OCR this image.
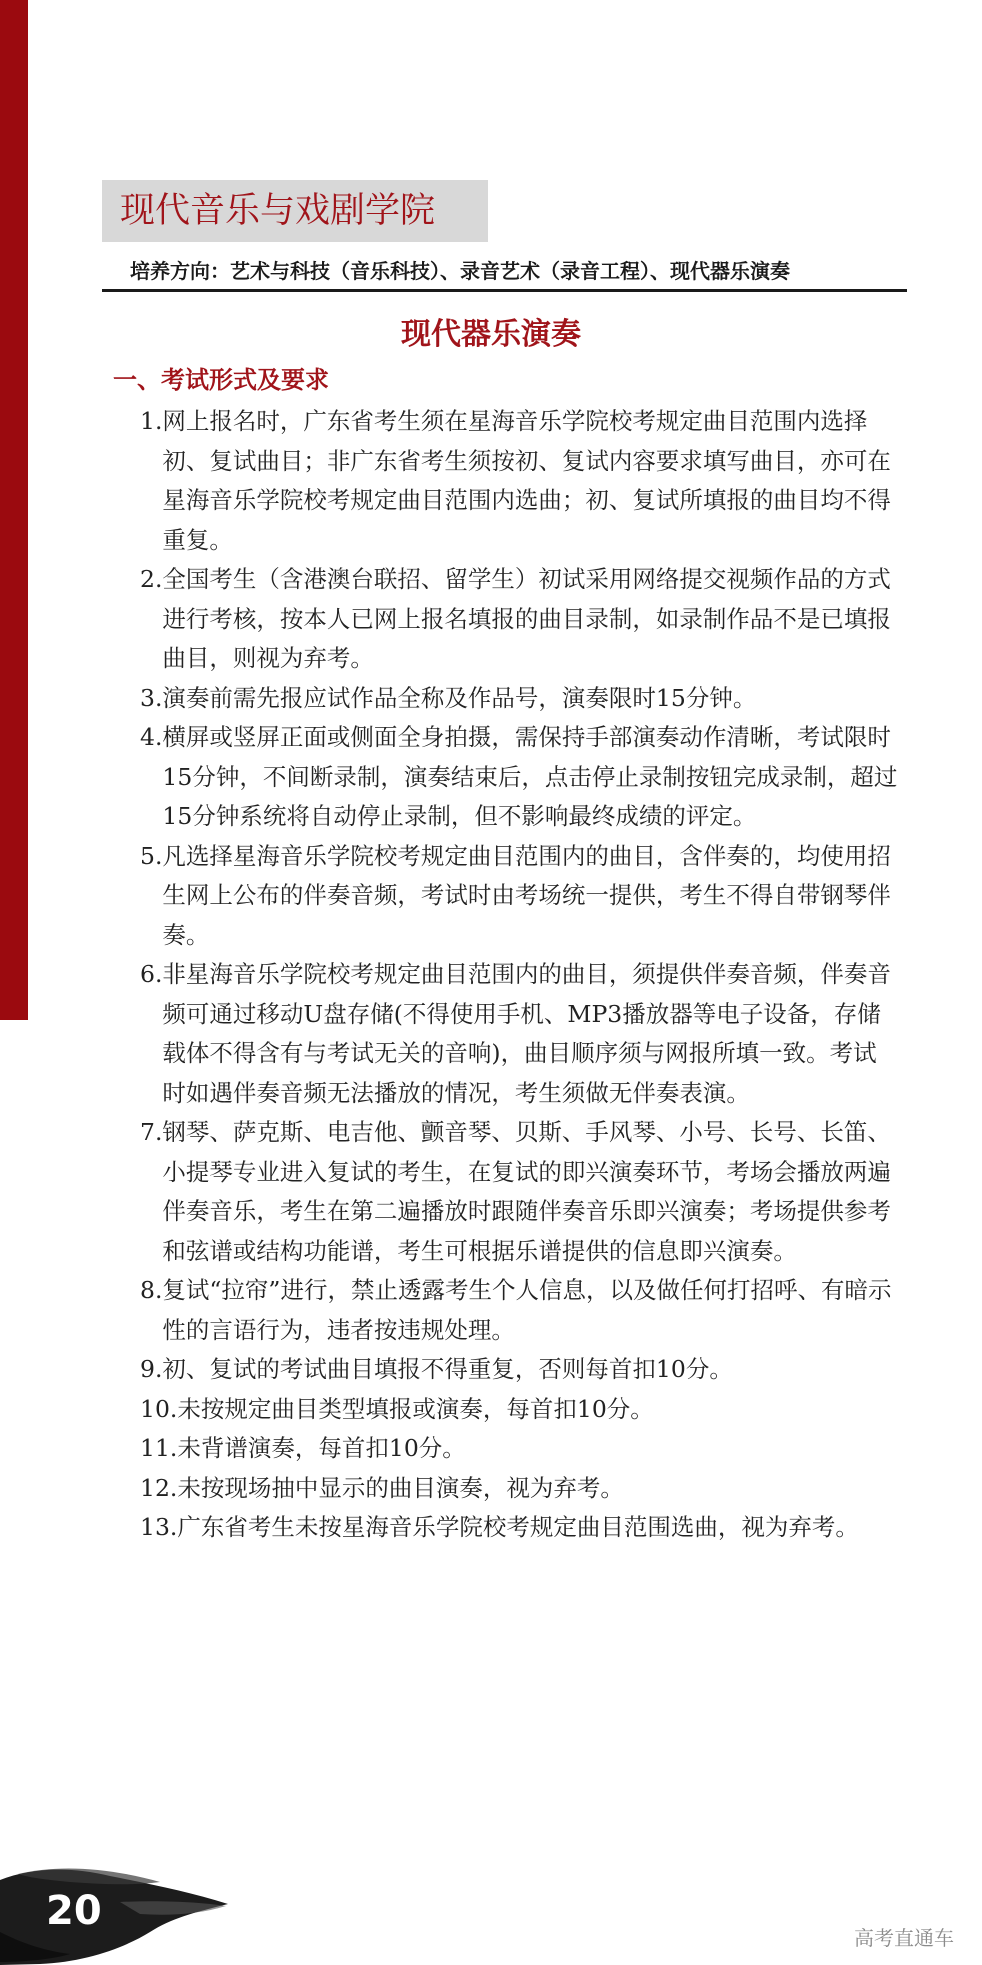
现代音乐与戏剧学院
培养方向：艺术与科技（音乐科技）、录音艺术（录音工程）、现代器乐演奏
现代器乐演奏
一、考试形式及要求
1. 网上报名时，广东省考生须在星海音乐学院校考规定曲目范围内选择初、复试曲目；非广东省考生须按初、复试内容要求填写曲目，亦可在星海音乐学院校考规定曲目范围内选曲；初、复试所填报的曲目均不得重复。
2. 全国考生（含港澳台联招、留学生）初试采用网络提交视频作品的方式进行考核，按本人已网上报名填报的曲目录制，如录制作品不是已填报曲目，则视为弃考。
3. 演奏前需先报应试作品全称及作品号，演奏限时15分钟。
4. 横屏或竖屏正面或侧面全身拍摄，需保持手部演奏动作清晰，考试限时15分钟，不间断录制，演奏结束后，点击停止录制按钮完成录制，超过15分钟系统将自动停止录制，但不影响最终成绩的评定。
5. 凡选择星海音乐学院校考规定曲目范围内的曲目，含伴奏的，均使用招生网上公布的伴奏音频，考试时由考场统一提供，考生不得自带钢琴伴奏。
6. 非星海音乐学院校考规定曲目范围内的曲目，须提供伴奏音频，伴奏音频可通过移动U盘存储(不得使用手机、MP3播放器等电子设备，存储载体不得含有与考试无关的音响)，曲目顺序须与网报所填一致。考试时如遇伴奏音频无法播放的情况，考生须做无伴奏表演。
7. 钢琴、萨克斯、电吉他、颤音琴、贝斯、手风琴、小号、长号、长笛、小提琴专业进入复试的考生，在复试的即兴演奏环节，考场会播放两遍伴奏音乐，考生在第二遍播放时跟随伴奏音乐即兴演奏；考场提供参考和弦谱或结构功能谱，考生可根据乐谱提供的信息即兴演奏。
8. 复试“拉帘”进行，禁止透露考生个人信息，以及做任何打招呼、有暗示性的言语行为，违者按违规处理。
9. 初、复试的考试曲目填报不得重复，否则每首扣10分。
10. 未按规定曲目类型填报或演奏，每首扣10分。
11. 未背谱演奏，每首扣10分。
12. 未按现场抽中显示的曲目演奏，视为弃考。
13. 广东省考生未按星海音乐学院校考规定曲目范围选曲，视为弃考。
20
高考直通车
